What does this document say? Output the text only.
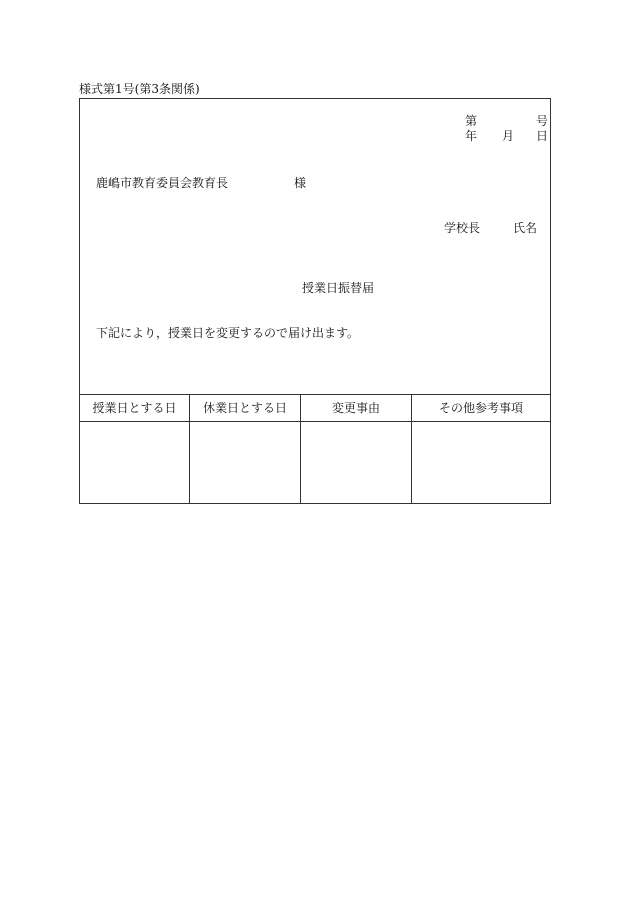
様式第1号(第3条関係)
第	号
年 月 日
鹿嶋市教育委員会教育長	様
学校長	氏名
授業日振替届
下記により，授業日を変更するので届け出ます。
授業日とする日	休業日とする日	変更事由	その他参考事項
